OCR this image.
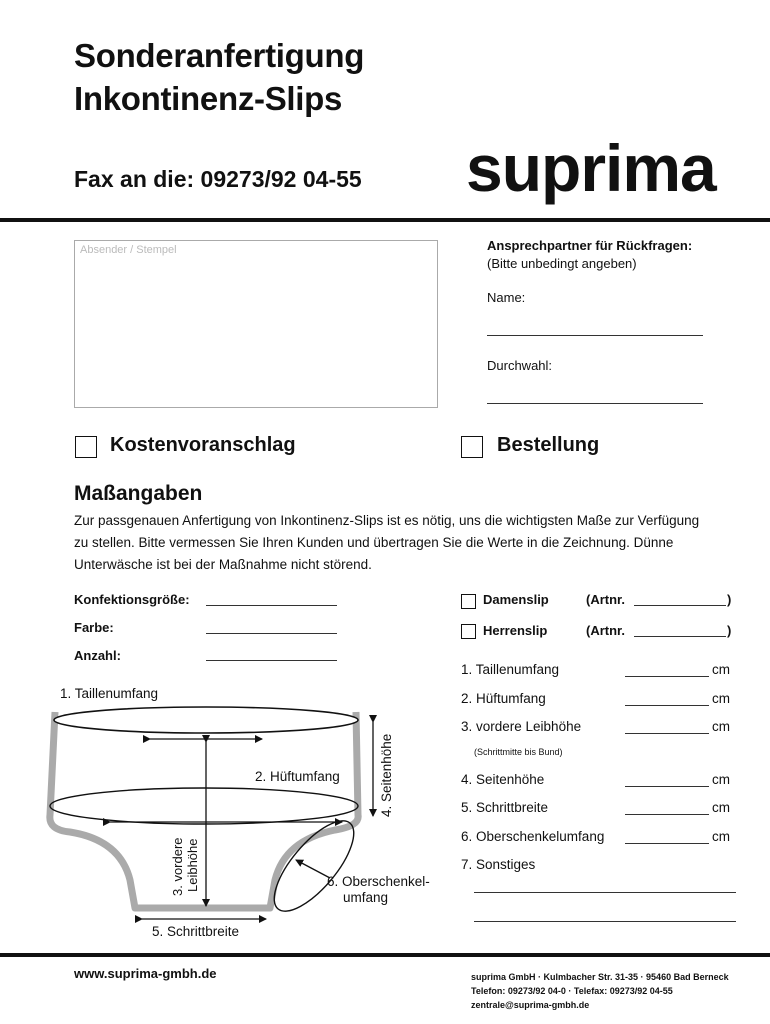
Sonderanfertigung
Inkontinenz-Slips
Fax an die: 09273/92 04-55 suprima
Absender / Stempel	Ansprechpartner für Rückfragen:
(Bitte unbedingt angeben)
Name:
Durchwahl:
Kostenvoranschlag	Bestellung
Maßangaben
Zur passgenauen Anfertigung von Inkontinenz-Slips ist es nötig, uns die wichtigsten Maße zur Verfügung zu stellen. Bitte vermessen Sie Ihren Kunden und übertragen Sie die Werte in die Zeichnung. Dünne Unterwäsche ist bei der Maßnahme nicht störend.
Konfektionsgröße:
Farbe:
Anzahl:
Damenslip	(Artnr.	)
Herrenslip	(Artnr.	)
1. Taillenumfang	cm
2. Hüftumfang	cm
3. vordere Leibhöhe	cm
(Schrittmitte bis Bund)
4. Seitenhöhe	cm
5. Schrittbreite	cm
6. Oberschenkelumfang	cm
7. Sonstiges
1. Taillenumfang
2. Hüftumfang	4. Seitenhöhe
3. vordere Leibhöhe	6. Oberschenkel-
umfang
5. Schrittbreite
www.suprima-gmbh.de	suprima GmbH · Kulmbacher Str. 31-35 · 95460 Bad Berneck
Telefon: 09273/92 04-0 · Telefax: 09273/92 04-55
zentrale@suprima-gmbh.de
